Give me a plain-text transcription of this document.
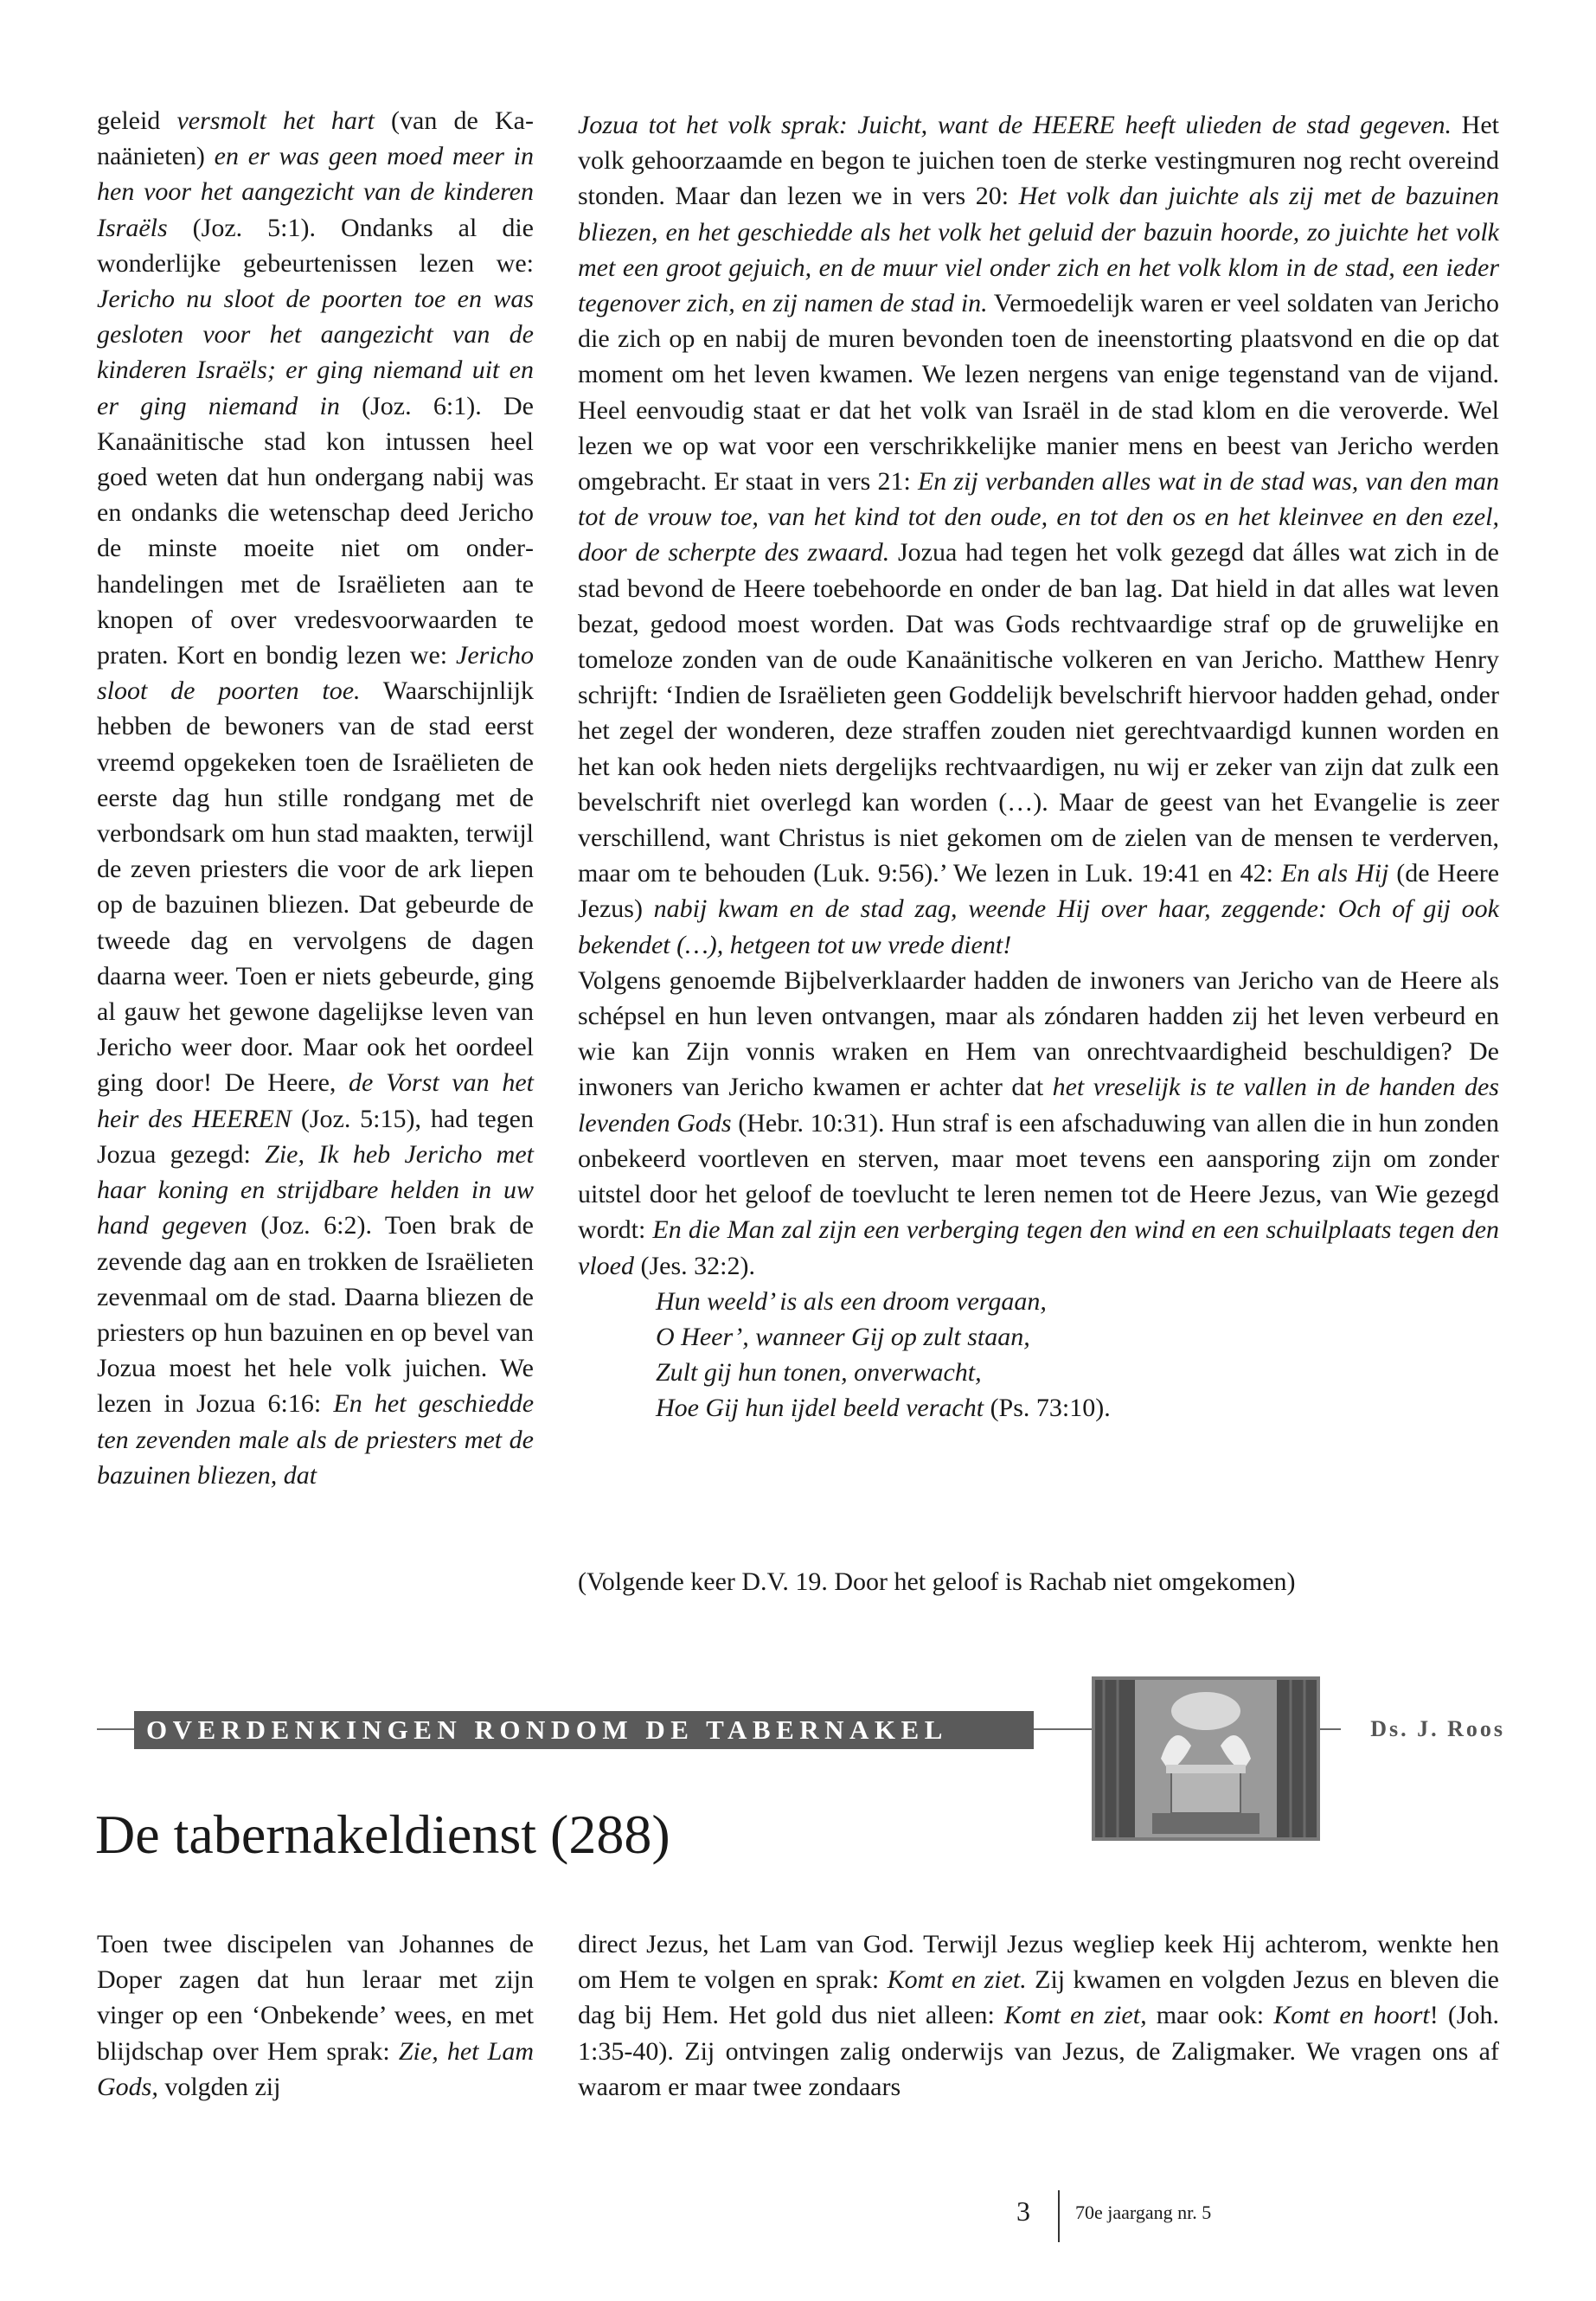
geleid versmolt het hart (van de Kanaänieten) en er was geen moed meer in hen voor het aangezicht van de kinderen Israëls (Joz. 5:1). Ondanks al die wonderlijke gebeurtenissen lezen we: Jericho nu sloot de poorten toe en was gesloten voor het aangezicht van de kinderen Israëls; er ging niemand uit en er ging niemand in (Joz. 6:1). De Kanaänitische stad kon intussen heel goed weten dat hun ondergang nabij was en ondanks die wetenschap deed Jericho de minste moeite niet om onderhandelingen met de Israëlieten aan te knopen of over vredesvoorwaarden te praten. Kort en bondig lezen we: Jericho sloot de poorten toe. Waarschijnlijk hebben de bewoners van de stad eerst vreemd opgekeken toen de Israëlieten de eerste dag hun stille rondgang met de verbondsark om hun stad maakten, terwijl de zeven priesters die voor de ark liepen op de bazuinen bliezen. Dat gebeurde de tweede dag en vervolgens de dagen daarna weer. Toen er niets gebeurde, ging al gauw het gewone dagelijkse leven van Jericho weer door. Maar ook het oordeel ging door! De Heere, de Vorst van het heir des HEEREN (Joz. 5:15), had tegen Jozua gezegd: Zie, Ik heb Jericho met haar koning en strijdbare helden in uw hand gegeven (Joz. 6:2). Toen brak de zevende dag aan en trokken de Israëlieten zevenmaal om de stad. Daarna bliezen de priesters op hun bazuinen en op bevel van Jozua moest het hele volk juichen. We lezen in Jozua 6:16: En het geschiedde ten zevenden male als de priesters met de bazuinen bliezen, dat

Jozua tot het volk sprak: Juicht, want de HEERE heeft ulieden de stad gegeven. Het volk gehoorzaamde en begon te juichen toen de sterke vestingmuren nog recht overeind stonden. Maar dan lezen we in vers 20: Het volk dan juichte als zij met de bazuinen bliezen, en het geschiedde als het volk het geluid der bazuin hoorde, zo juichte het volk met een groot gejuich, en de muur viel onder zich en het volk klom in de stad, een ieder tegenover zich, en zij namen de stad in. Vermoedelijk waren er veel soldaten van Jericho die zich op en nabij de muren bevonden toen de ineenstorting plaatsvond en die op dat moment om het leven kwamen. We lezen nergens van enige tegenstand van de vijand. Heel eenvoudig staat er dat het volk van Israël in de stad klom en die veroverde. Wel lezen we op wat voor een verschrikkelijke manier mens en beest van Jericho werden omgebracht. Er staat in vers 21: En zij verbanden alles wat in de stad was, van den man tot de vrouw toe, van het kind tot den oude, en tot den os en het kleinvee en den ezel, door de scherpte des zwaard. Jozua had tegen het volk gezegd dat álles wat zich in de stad bevond de Heere toebehoorde en onder de ban lag. Dat hield in dat alles wat leven bezat, gedood moest worden. Dat was Gods rechtvaardige straf op de gruwelijke en tomeloze zonden van de oude Kanaänitische volkeren en van Jericho. Matthew Henry schrijft: ‘Indien de Israëlieten geen Goddelijk bevelschrift hiervoor hadden gehad, onder het zegel der wonderen, deze straffen zouden niet gerechtvaardigd kunnen worden en het kan ook heden niets dergelijks rechtvaardigen, nu wij er zeker van zijn dat zulk een bevelschrift niet overlegd kan worden (…). Maar de geest van het Evangelie is zeer verschillend, want Christus is niet gekomen om de zielen van de mensen te verderven, maar om te behouden (Luk. 9:56).’ We lezen in Luk. 19:41 en 42: En als Hij (de Heere Jezus) nabij kwam en de stad zag, weende Hij over haar, zeggende: Och of gij ook bekendet (…), hetgeen tot uw vrede dient!

Volgens genoemde Bijbelverklaarder hadden de inwoners van Jericho van de Heere als schépsel en hun leven ontvangen, maar als zóndaren hadden zij het leven verbeurd en wie kan Zijn vonnis wraken en Hem van onrechtvaardigheid beschuldigen? De inwoners van Jericho kwamen er achter dat het vreselijk is te vallen in de handen des levenden Gods (Hebr. 10:31). Hun straf is een afschaduwing van allen die in hun zonden onbekeerd voortleven en sterven, maar moet tevens een aansporing zijn om zonder uitstel door het geloof de toevlucht te leren nemen tot de Heere Jezus, van Wie gezegd wordt: En die Man zal zijn een verberging tegen den wind en een schuilplaats tegen den vloed (Jes. 32:2).

Hun weeld’ is als een droom vergaan,
O Heer’, wanneer Gij op zult staan,
Zult gij hun tonen, onverwacht,
Hoe Gij hun ijdel beeld veracht (Ps. 73:10).
(Volgende keer D.V. 19. Door het geloof is Rachab niet omgekomen)
OVERDENKINGEN RONDOM DE TABERNAKEL	Ds. J. Roos
De tabernakeldienst (288)

Toen twee discipelen van Johannes de Doper zagen dat hun leraar met zijn vinger op een ‘Onbekende’ wees, en met blijdschap over Hem sprak: Zie, het Lam Gods, volgden zij

direct Jezus, het Lam van God. Terwijl Jezus wegliep keek Hij achterom, wenkte hen om Hem te volgen en sprak: Komt en ziet. Zij kwamen en volgden Jezus en bleven die dag bij Hem. Het gold dus niet alleen: Komt en ziet, maar ook: Komt en hoort! (Joh. 1:35-40). Zij ontvingen zalig onderwijs van Jezus, de Zaligmaker. We vragen ons af waarom er maar twee zondaars

3 70e jaargang nr. 5
